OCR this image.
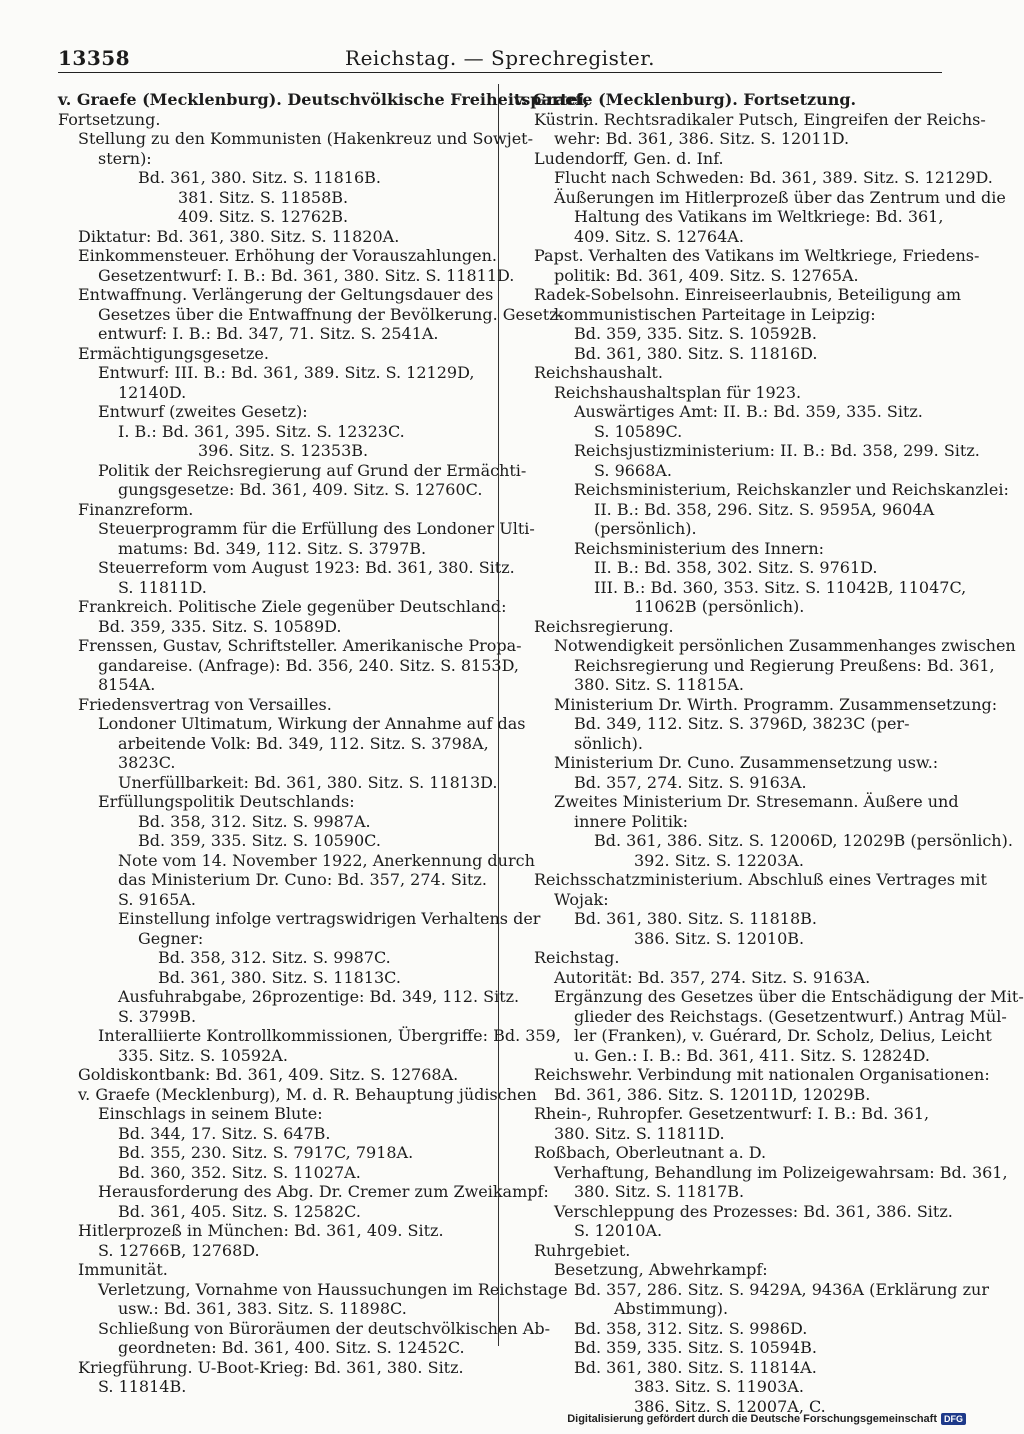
13358	Reichstag. — Sprechregister.
v. Graefe (Mecklenburg). Deutschvölkische Freiheitspartei,
Fortsetzung.
Stellung zu den Kommunisten (Hakenkreuz und Sowjet-
stern):
Bd. 361, 380. Sitz. S. 11816B.
381. Sitz. S. 11858B.
409. Sitz. S. 12762B.
Diktatur: Bd. 361, 380. Sitz. S. 11820A.
Einkommensteuer. Erhöhung der Vorauszahlungen.
Gesetzentwurf: I. B.: Bd. 361, 380. Sitz. S. 11811D.
Entwaffnung. Verlängerung der Geltungsdauer des
Gesetzes über die Entwaffnung der Bevölkerung. Gesetz-
entwurf: I. B.: Bd. 347, 71. Sitz. S. 2541A.
Ermächtigungsgesetze.
Entwurf: III. B.: Bd. 361, 389. Sitz. S. 12129D,
12140D.
Entwurf (zweites Gesetz):
I. B.: Bd. 361, 395. Sitz. S. 12323C.
396. Sitz. S. 12353B.
Politik der Reichsregierung auf Grund der Ermächti-
gungsgesetze: Bd. 361, 409. Sitz. S. 12760C.
Finanzreform.
Steuerprogramm für die Erfüllung des Londoner Ulti-
matums: Bd. 349, 112. Sitz. S. 3797B.
Steuerreform vom August 1923: Bd. 361, 380. Sitz.
S. 11811D.
Frankreich. Politische Ziele gegenüber Deutschland:
Bd. 359, 335. Sitz. S. 10589D.
Frenssen, Gustav, Schriftsteller. Amerikanische Propa-
gandareise. (Anfrage): Bd. 356, 240. Sitz. S. 8153D,
8154A.
Friedensvertrag von Versailles.
Londoner Ultimatum, Wirkung der Annahme auf das
arbeitende Volk: Bd. 349, 112. Sitz. S. 3798A,
3823C.
Unerfüllbarkeit: Bd. 361, 380. Sitz. S. 11813D.
Erfüllungspolitik Deutschlands:
Bd. 358, 312. Sitz. S. 9987A.
Bd. 359, 335. Sitz. S. 10590C.
Note vom 14. November 1922, Anerkennung durch
das Ministerium Dr. Cuno: Bd. 357, 274. Sitz.
S. 9165A.
Einstellung infolge vertragswidrigen Verhaltens der
Gegner:
Bd. 358, 312. Sitz. S. 9987C.
Bd. 361, 380. Sitz. S. 11813C.
Ausfuhrabgabe, 26prozentige: Bd. 349, 112. Sitz.
S. 3799B.
Interalliierte Kontrollkommissionen, Übergriffe: Bd. 359,
335. Sitz. S. 10592A.
Goldiskontbank: Bd. 361, 409. Sitz. S. 12768A.
v. Graefe (Mecklenburg), M. d. R. Behauptung jüdischen
Einschlags in seinem Blute:
Bd. 344, 17. Sitz. S. 647B.
Bd. 355, 230. Sitz. S. 7917C, 7918A.
Bd. 360, 352. Sitz. S. 11027A.
Herausforderung des Abg. Dr. Cremer zum Zweikampf:
Bd. 361, 405. Sitz. S. 12582C.
Hitlerprozeß in München: Bd. 361, 409. Sitz.
S. 12766B, 12768D.
Immunität.
Verletzung, Vornahme von Haussuchungen im Reichstage
usw.: Bd. 361, 383. Sitz. S. 11898C.
Schließung von Büroräumen der deutschvölkischen Ab-
geordneten: Bd. 361, 400. Sitz. S. 12452C.
Kriegführung. U-Boot-Krieg: Bd. 361, 380. Sitz.
S. 11814B.
v. Graefe (Mecklenburg). Fortsetzung.
Küstrin. Rechtsradikaler Putsch, Eingreifen der Reichs-
wehr: Bd. 361, 386. Sitz. S. 12011D.
Ludendorff, Gen. d. Inf.
Flucht nach Schweden: Bd. 361, 389. Sitz. S. 12129D.
Äußerungen im Hitlerprozeß über das Zentrum und die
Haltung des Vatikans im Weltkriege: Bd. 361,
409. Sitz. S. 12764A.
Papst. Verhalten des Vatikans im Weltkriege, Friedens-
politik: Bd. 361, 409. Sitz. S. 12765A.
Radek-Sobelsohn. Einreiseerlaubnis, Beteiligung am
kommunistischen Parteitage in Leipzig:
Bd. 359, 335. Sitz. S. 10592B.
Bd. 361, 380. Sitz. S. 11816D.
Reichshaushalt.
Reichshaushaltsplan für 1923.
Auswärtiges Amt: II. B.: Bd. 359, 335. Sitz.
S. 10589C.
Reichsjustizministerium: II. B.: Bd. 358, 299. Sitz.
S. 9668A.
Reichsministerium, Reichskanzler und Reichskanzlei:
II. B.: Bd. 358, 296. Sitz. S. 9595A, 9604A
(persönlich).
Reichsministerium des Innern:
II. B.: Bd. 358, 302. Sitz. S. 9761D.
III. B.: Bd. 360, 353. Sitz. S. 11042B, 11047C,
11062B (persönlich).
Reichsregierung.
Notwendigkeit persönlichen Zusammenhanges zwischen
Reichsregierung und Regierung Preußens: Bd. 361,
380. Sitz. S. 11815A.
Ministerium Dr. Wirth. Programm. Zusammensetzung:
Bd. 349, 112. Sitz. S. 3796D, 3823C (per-
sönlich).
Ministerium Dr. Cuno. Zusammensetzung usw.:
Bd. 357, 274. Sitz. S. 9163A.
Zweites Ministerium Dr. Stresemann. Äußere und
innere Politik:
Bd. 361, 386. Sitz. S. 12006D, 12029B (persönlich).
392. Sitz. S. 12203A.
Reichsschatzministerium. Abschluß eines Vertrages mit
Wojak:
Bd. 361, 380. Sitz. S. 11818B.
386. Sitz. S. 12010B.
Reichstag.
Autorität: Bd. 357, 274. Sitz. S. 9163A.
Ergänzung des Gesetzes über die Entschädigung der Mit-
glieder des Reichstags. (Gesetzentwurf.) Antrag Mül-
ler (Franken), v. Guérard, Dr. Scholz, Delius, Leicht
u. Gen.: I. B.: Bd. 361, 411. Sitz. S. 12824D.
Reichswehr. Verbindung mit nationalen Organisationen:
Bd. 361, 386. Sitz. S. 12011D, 12029B.
Rhein-, Ruhropfer. Gesetzentwurf: I. B.: Bd. 361,
380. Sitz. S. 11811D.
Roßbach, Oberleutnant a. D.
Verhaftung, Behandlung im Polizeigewahrsam: Bd. 361,
380. Sitz. S. 11817B.
Verschleppung des Prozesses: Bd. 361, 386. Sitz.
S. 12010A.
Ruhrgebiet.
Besetzung, Abwehrkampf:
Bd. 357, 286. Sitz. S. 9429A, 9436A (Erklärung zur
Abstimmung).
Bd. 358, 312. Sitz. S. 9986D.
Bd. 359, 335. Sitz. S. 10594B.
Bd. 361, 380. Sitz. S. 11814A.
383. Sitz. S. 11903A.
386. Sitz. S. 12007A, C.
Digitalisierung gefördert durch die Deutsche Forschungsgemeinschaft DFG
